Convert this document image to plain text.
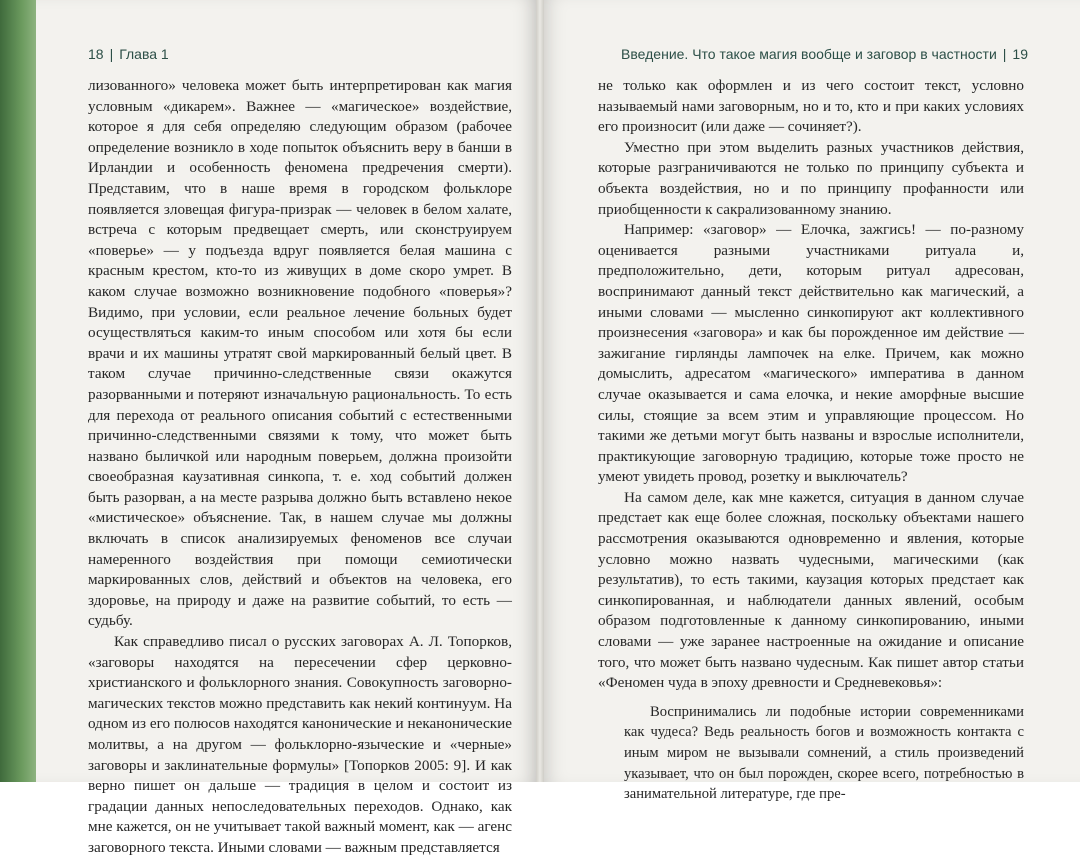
18 | Глава 1	Введение. Что такое магия вообще и заговор в частности | 19

лизованного» человека может быть интерпретирован как магия условным «дикарем». Важнее — «магическое» воздействие, которое я для себя определяю следующим образом (рабочее определение возникло в ходе попыток объяснить веру в банши в Ирландии и особенность феномена предречения смерти). Представим, что в наше время в городском фольклоре появляется зловещая фигура-призрак — человек в белом халате, встреча с которым предвещает смерть, или сконструируем «поверье» — у подъезда вдруг появляется белая машина с красным крестом, кто-то из живущих в доме скоро умрет. В каком случае возможно возникновение подобного «поверья»? Видимо, при условии, если реальное лечение больных будет осуществляться каким-то иным способом или хотя бы если врачи и их машины утратят свой маркированный белый цвет. В таком случае причинно-следственные связи окажутся разорванными и потеряют изначальную рациональность. То есть для перехода от реального описания событий с естественными причинно-следственными связями к тому, что может быть названо быличкой или народным поверьем, должна произойти своеобразная каузативная синкопа, т. е. ход событий должен быть разорван, а на месте разрыва должно быть вставлено некое «мистическое» объяснение. Так, в нашем случае мы должны включать в список анализируемых феноменов все случаи намеренного воздействия при помощи семиотически маркированных слов, действий и объектов на человека, его здоровье, на природу и даже на развитие событий, то есть — судьбу.

Как справедливо писал о русских заговорах А. Л. Топорков, «заговоры находятся на пересечении сфер церковно-христианского и фольклорного знания. Совокупность заговорно-магических текстов можно представить как некий континуум. На одном из его полюсов находятся канонические и неканонические молитвы, а на другом — фольклорно-языческие и «черные» заговоры и заклинательные формулы» [Топорков 2005: 9]. И как верно пишет он дальше — традиция в целом и состоит из градации данных непоследовательных переходов. Однако, как мне кажется, он не учитывает такой важный момент, как — агенс заговорного текста. Иными словами — важным представляется

не только как оформлен и из чего состоит текст, условно называемый нами заговорным, но и то, кто и при каких условиях его произносит (или даже — сочиняет?).

Уместно при этом выделить разных участников действия, которые разграничиваются не только по принципу субъекта и объекта воздействия, но и по принципу профанности или приобщенности к сакрализованному знанию.

Например: «заговор» — Елочка, зажгись! — по-разному оценивается разными участниками ритуала и, предположительно, дети, которым ритуал адресован, воспринимают данный текст действительно как магический, а иными словами — мысленно синкопируют акт коллективного произнесения «заговора» и как бы порожденное им действие — зажигание гирлянды лампочек на елке. Причем, как можно домыслить, адресатом «магического» императива в данном случае оказывается и сама елочка, и некие аморфные высшие силы, стоящие за всем этим и управляющие процессом. Но такими же детьми могут быть названы и взрослые исполнители, практикующие заговорную традицию, которые тоже просто не умеют увидеть провод, розетку и выключатель?

На самом деле, как мне кажется, ситуация в данном случае предстает как еще более сложная, поскольку объектами нашего рассмотрения оказываются одновременно и явления, которые условно можно назвать чудесными, магическими (как результатив), то есть такими, каузация которых предстает как синкопированная, и наблюдатели данных явлений, особым образом подготовленные к данному синкопированию, иными словами — уже заранее настроенные на ожидание и описание того, что может быть названо чудесным. Как пишет автор статьи «Феномен чуда в эпоху древности и Средневековья»:

Воспринимались ли подобные истории современниками как чудеса? Ведь реальность богов и возможность контакта с иным миром не вызывали сомнений, а стиль произведений указывает, что он был порожден, скорее всего, потребностью в занимательной литературе, где пре-
